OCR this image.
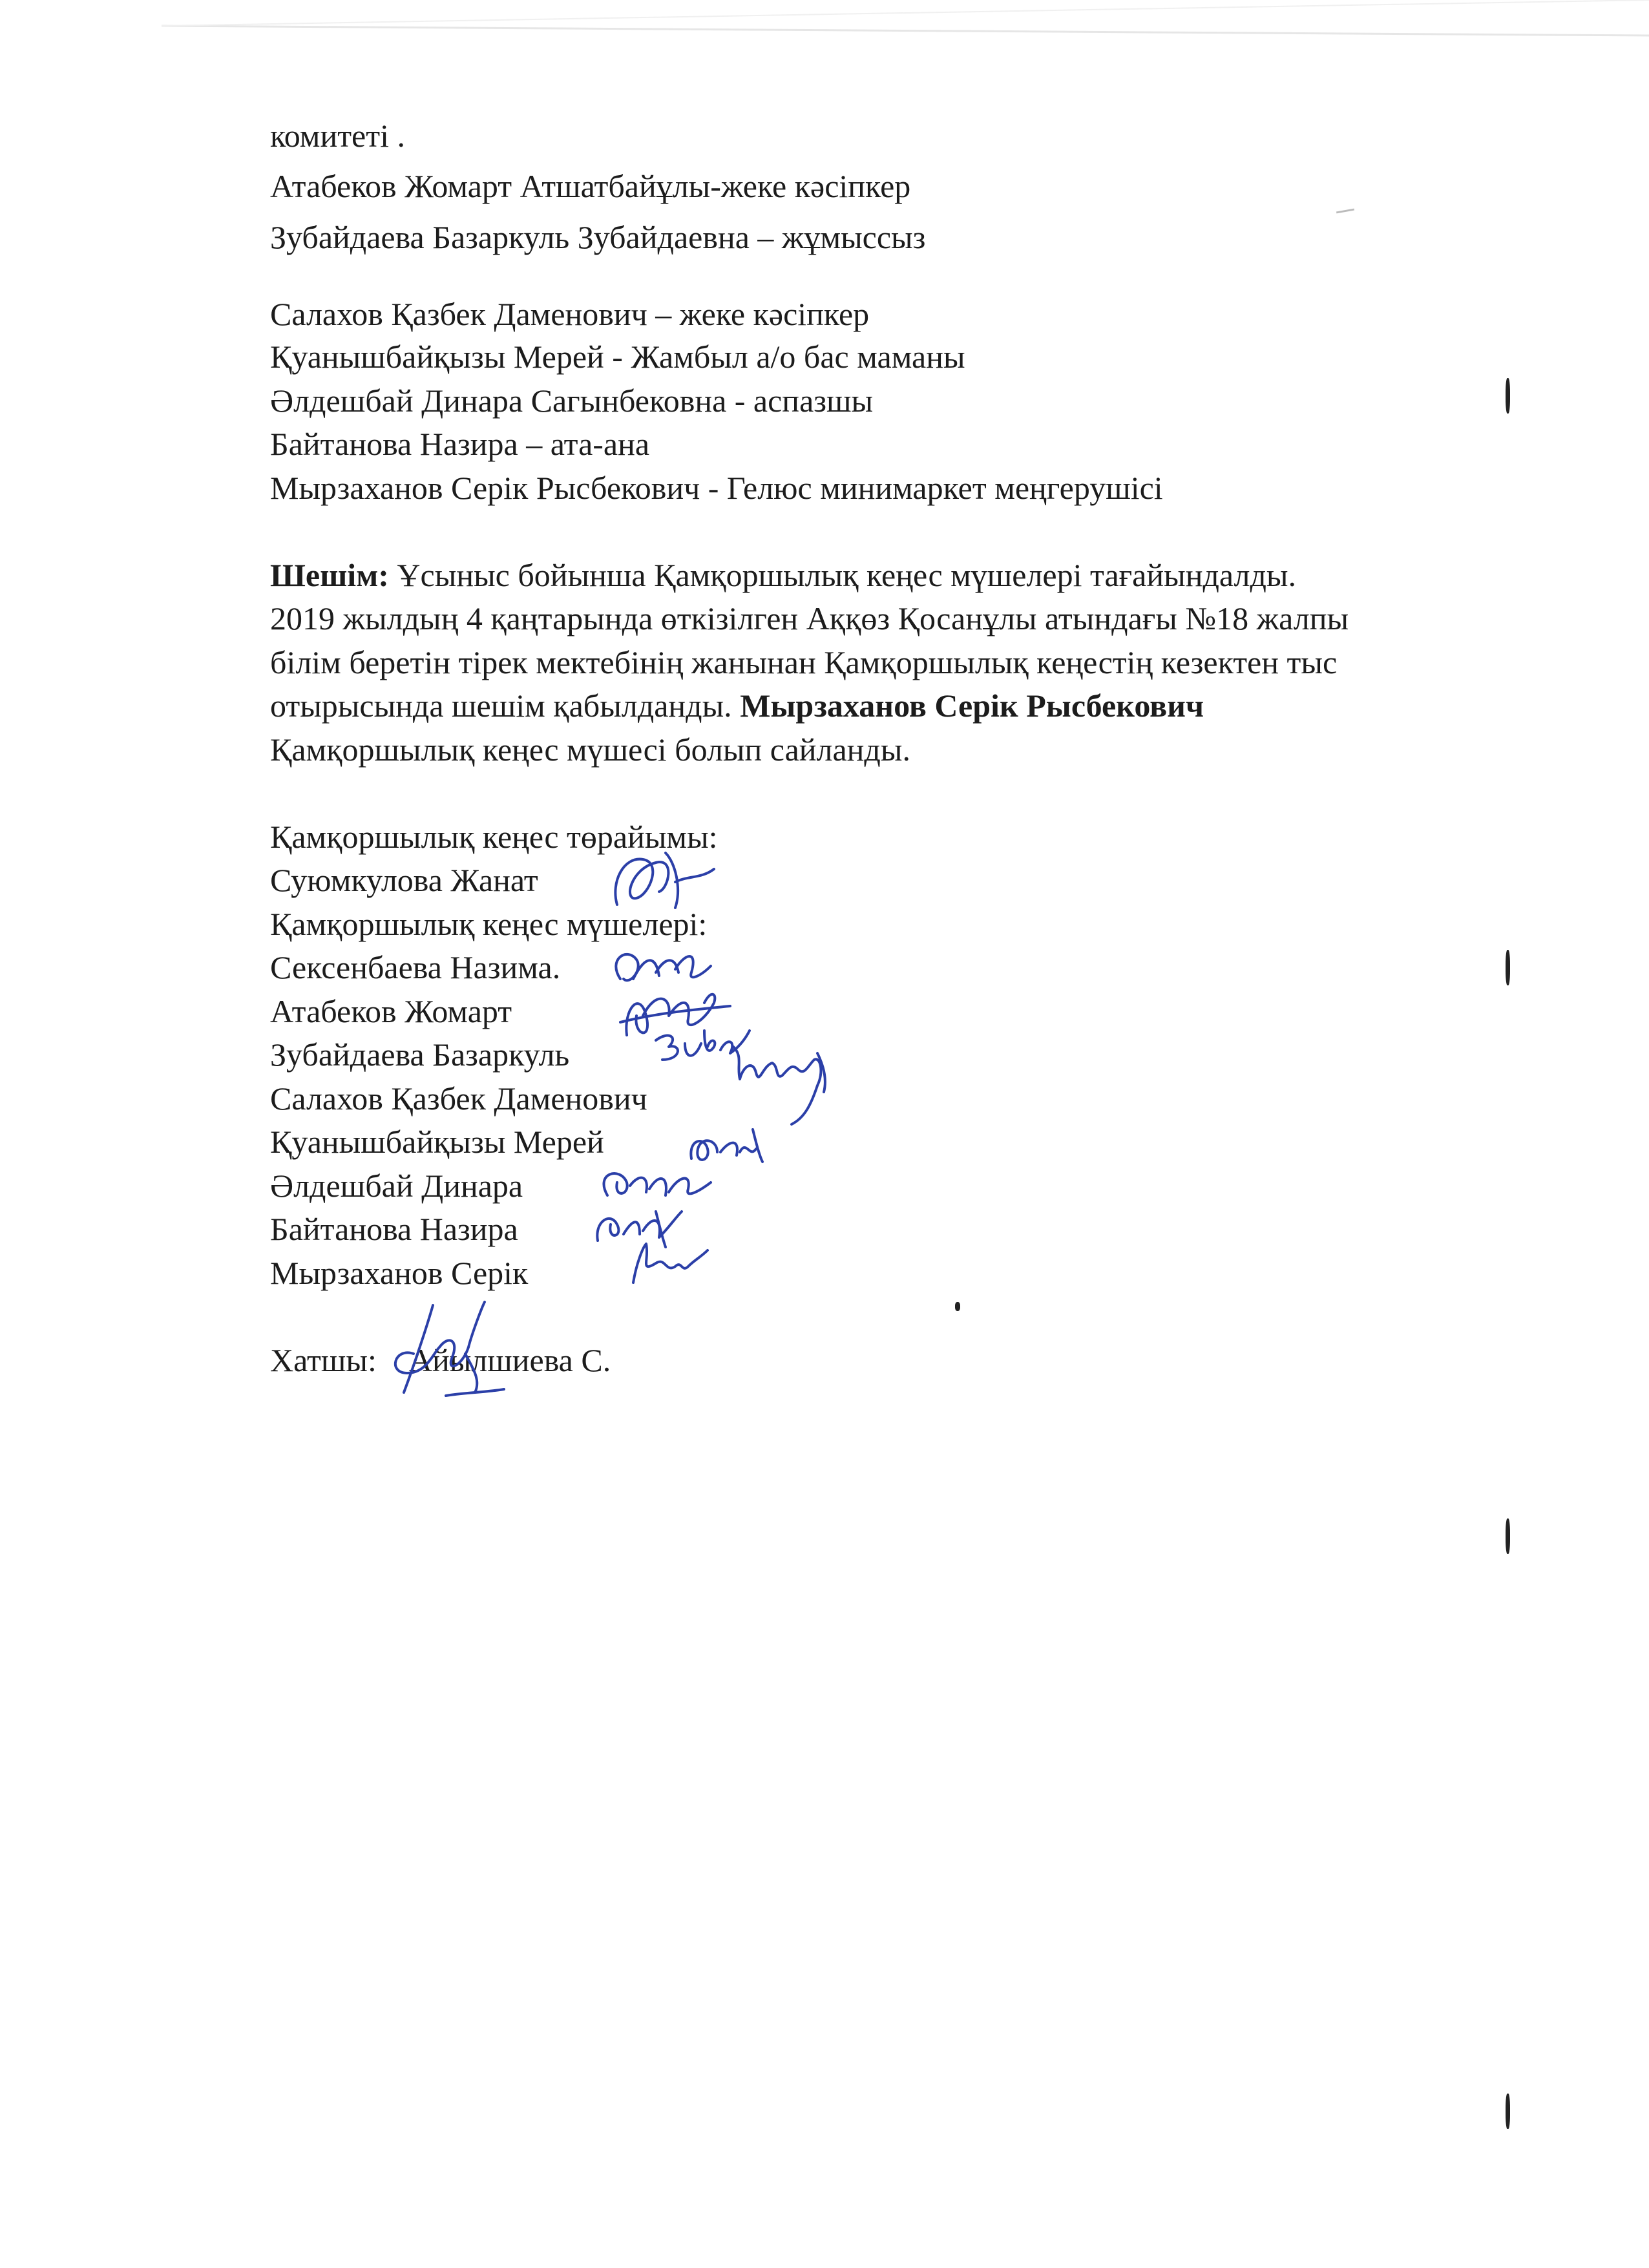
комитеті .
Атабеков Жомарт Атшатбайұлы-жеке кәсіпкер
Зубайдаева Базаркуль Зубайдаевна – жұмыссыз
Салахов Қазбек Даменович – жеке кәсіпкер
Қуанышбайқызы Мерей - Жамбыл а/о бас маманы
Әлдешбай Динара Сагынбековна - аспазшы
Байтанова Назира – ата-ана
Мырзаханов Серік Рысбекович - Гелюс минимаркет меңгерушісі
Шешім: Ұсыныс бойынша Қамқоршылық кеңес мүшелері тағайындалды.
2019 жылдың 4 қаңтарында өткізілген Аққөз Қосанұлы атындағы №18 жалпы
білім беретін тірек мектебінің жанынан Қамқоршылық кеңестің кезектен тыс
отырысында шешім қабылданды. Мырзаханов Серік Рысбекович
Қамқоршылық кеңес мүшесі болып сайланды.
Қамқоршылық кеңес төрайымы:
Суюмкулова Жанат
Қамқоршылық кеңес мүшелері:
Сексенбаева Назима.
Атабеков Жомарт
Зубайдаева Базаркуль
Салахов Қазбек Даменович
Қуанышбайқызы Мерей
Әлдешбай Динара
Байтанова Назира
Мырзаханов Серік
Хатшы: Айылшиева С.
